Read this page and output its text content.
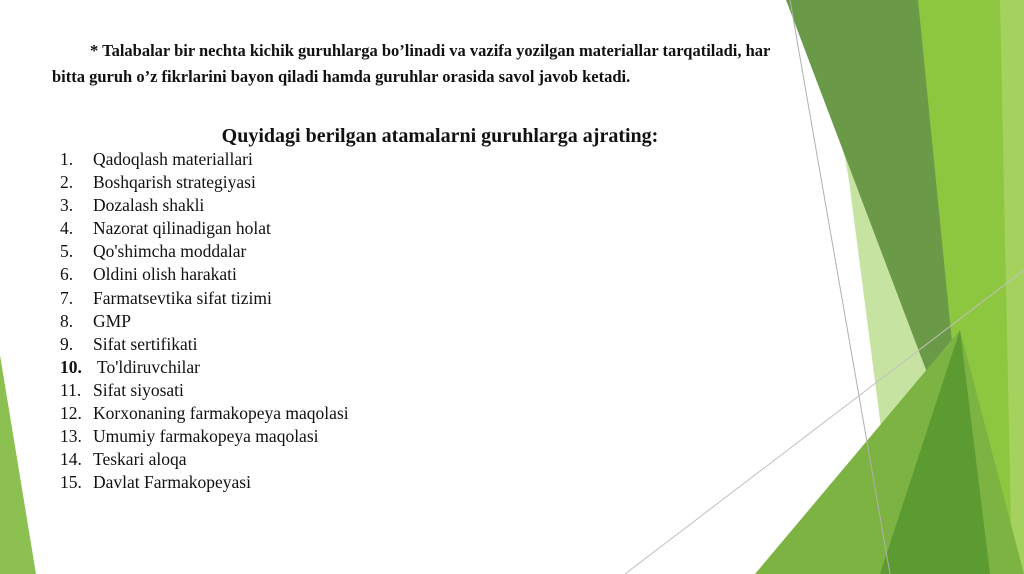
* Talabalar bir nechta kichik guruhlarga bo’linadi va vazifa yozilgan materiallar tarqatiladi, har bitta guruh o’z fikrlarini bayon qiladi hamda guruhlar orasida savol javob ketadi.

Quyidagi berilgan atamalarni guruhlarga ajrating:

1. Qadoqlash materiallari
2. Boshqarish strategiyasi
3. Dozalash shakli
4. Nazorat qilinadigan holat
5. Qo'shimcha moddalar
6. Oldini olish harakati
7. Farmatsevtika sifat tizimi
8. GMP
9. Sifat sertifikati
10. To'ldiruvchilar
11. Sifat siyosati
12. Korxonaning farmakopeya maqolasi
13. Umumiy farmakopeya maqolasi
14. Teskari aloqa
15. Davlat Farmakopeyasi
